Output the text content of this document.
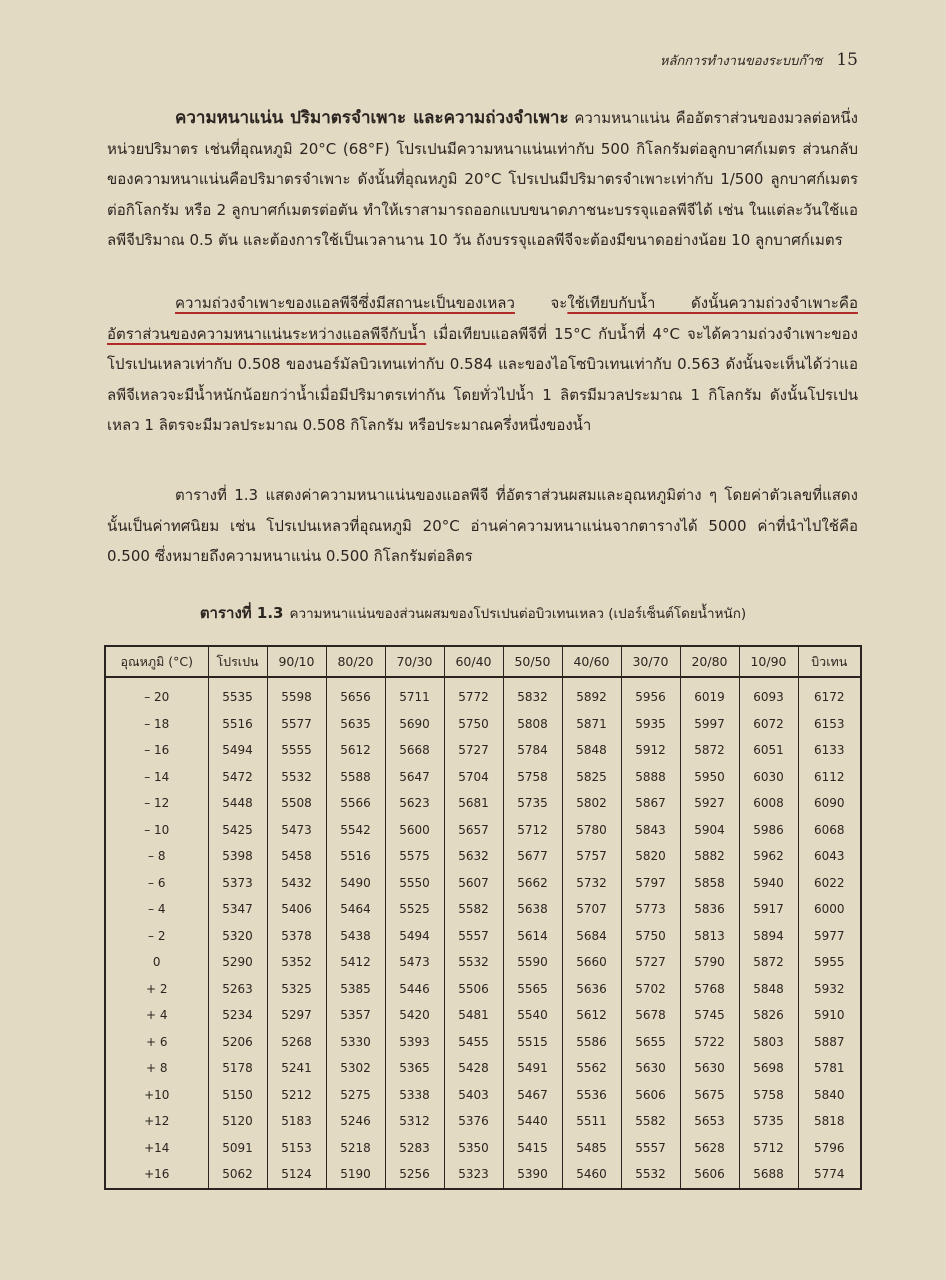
หลักการทำงานของระบบก๊าซ 15
ความหนาแน่น ปริมาตรจำเพาะ และความถ่วงจำเพาะ ความหนาแน่น คืออัตราส่วนของมวลต่อหนึ่งหน่วยปริมาตร เช่นที่อุณหภูมิ 20°C (68°F) โปรเปนมีความหนาแน่นเท่ากับ 500 กิโลกรัมต่อลูกบาศก์เมตร ส่วนกลับของความหนาแน่นคือปริมาตรจำเพาะ ดังนั้นที่อุณหภูมิ 20°C โปรเปนมีปริมาตรจำเพาะเท่ากับ 1/500 ลูกบาศก์เมตรต่อกิโลกรัม หรือ 2 ลูกบาศก์เมตรต่อตัน ทำให้เราสามารถออกแบบขนาดภาชนะบรรจุแอลพีจีได้ เช่น ในแต่ละวันใช้แอลพีจีปริมาณ 0.5 ตัน และต้องการใช้เป็นเวลานาน 10 วัน ถังบรรจุแอลพีจีจะต้องมีขนาดอย่างน้อย 10 ลูกบาศก์เมตร
ความถ่วงจำเพาะของแอลพีจีซึ่งมีสถานะเป็นของเหลว จะใช้เทียบกับน้ำ ดังนั้นความถ่วงจำเพาะคืออัตราส่วนของความหนาแน่นระหว่างแอลพีจีกับน้ำ เมื่อเทียบแอลพีจีที่ 15°C กับน้ำที่ 4°C จะได้ความถ่วงจำเพาะของโปรเปนเหลวเท่ากับ 0.508 ของนอร์มัลบิวเทนเท่ากับ 0.584 และของไอโซบิวเทนเท่ากับ 0.563 ดังนั้นจะเห็นได้ว่าแอลพีจีเหลวจะมีน้ำหนักน้อยกว่าน้ำเมื่อมีปริมาตรเท่ากัน โดยทั่วไปน้ำ 1 ลิตรมีมวลประมาณ 1 กิโลกรัม ดังนั้นโปรเปนเหลว 1 ลิตรจะมีมวลประมาณ 0.508 กิโลกรัม หรือประมาณครึ่งหนึ่งของน้ำ
ตารางที่ 1.3 แสดงค่าความหนาแน่นของแอลพีจี ที่อัตราส่วนผสมและอุณหภูมิต่าง ๆ โดยค่าตัวเลขที่แสดงนั้นเป็นค่าทศนิยม เช่น โปรเปนเหลวที่อุณหภูมิ 20°C อ่านค่าความหนาแน่นจากตารางได้ 5000 ค่าที่นำไปใช้คือ 0.500 ซึ่งหมายถึงความหนาแน่น 0.500 กิโลกรัมต่อลิตร
ตารางที่ 1.3 ความหนาแน่นของส่วนผสมของโปรเปนต่อบิวเทนเหลว (เปอร์เซ็นต์โดยน้ำหนัก)
อุณหภูมิ (°C)	โปรเปน	90/10	80/20	70/30	60/40	50/50	40/60	30/70	20/80	10/90	บิวเทน
– 20	5535	5598	5656	5711	5772	5832	5892	5956	6019	6093	6172
– 18	5516	5577	5635	5690	5750	5808	5871	5935	5997	6072	6153
– 16	5494	5555	5612	5668	5727	5784	5848	5912	5872	6051	6133
– 14	5472	5532	5588	5647	5704	5758	5825	5888	5950	6030	6112
– 12	5448	5508	5566	5623	5681	5735	5802	5867	5927	6008	6090
– 10	5425	5473	5542	5600	5657	5712	5780	5843	5904	5986	6068
– 8	5398	5458	5516	5575	5632	5677	5757	5820	5882	5962	6043
– 6	5373	5432	5490	5550	5607	5662	5732	5797	5858	5940	6022
– 4	5347	5406	5464	5525	5582	5638	5707	5773	5836	5917	6000
– 2	5320	5378	5438	5494	5557	5614	5684	5750	5813	5894	5977
0	5290	5352	5412	5473	5532	5590	5660	5727	5790	5872	5955
+ 2	5263	5325	5385	5446	5506	5565	5636	5702	5768	5848	5932
+ 4	5234	5297	5357	5420	5481	5540	5612	5678	5745	5826	5910
+ 6	5206	5268	5330	5393	5455	5515	5586	5655	5722	5803	5887
+ 8	5178	5241	5302	5365	5428	5491	5562	5630	5630	5698	5781
+10	5150	5212	5275	5338	5403	5467	5536	5606	5675	5758	5840
+12	5120	5183	5246	5312	5376	5440	5511	5582	5653	5735	5818
+14	5091	5153	5218	5283	5350	5415	5485	5557	5628	5712	5796
+16	5062	5124	5190	5256	5323	5390	5460	5532	5606	5688	5774
